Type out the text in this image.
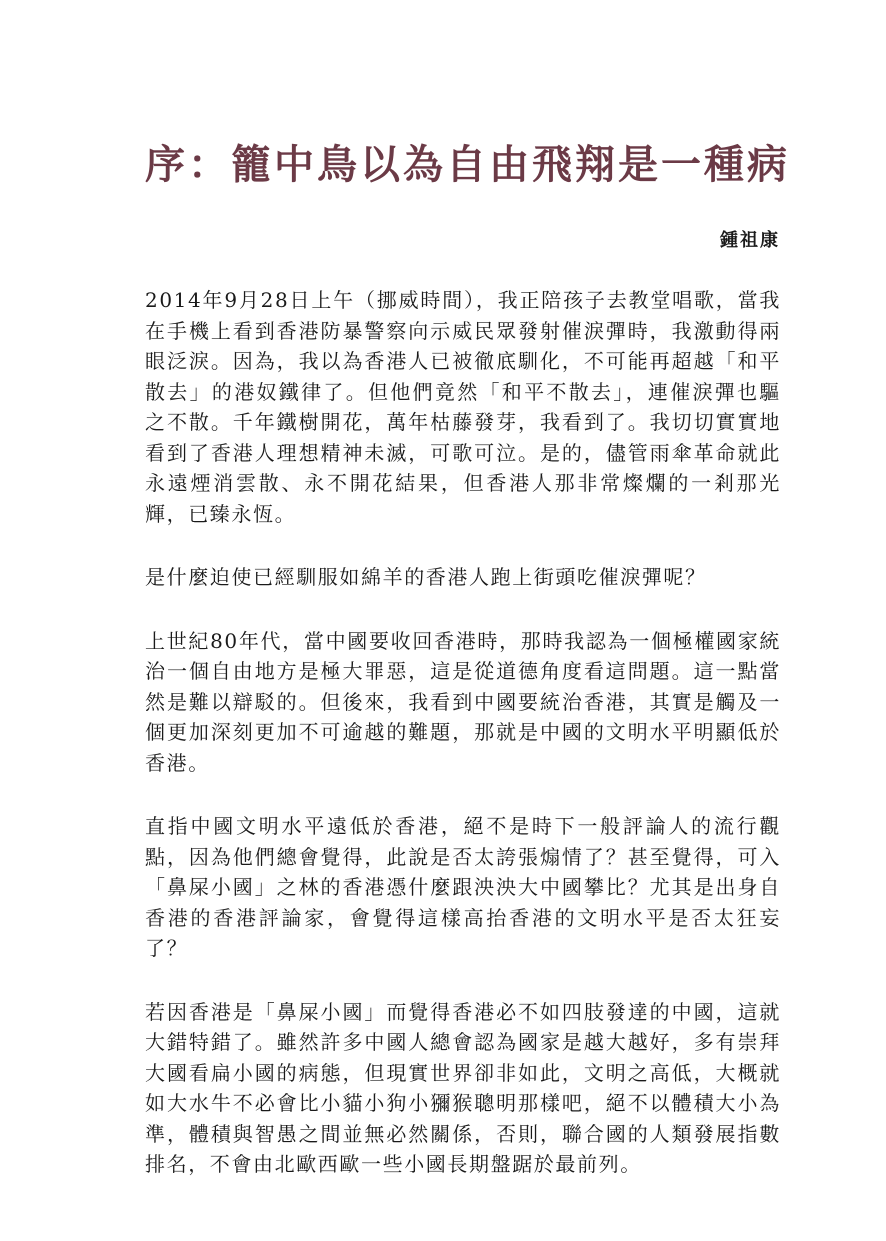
序：籠中鳥以為自由飛翔是一種病
鍾祖康

2014年9月28日上午（挪威時間），我正陪孩子去教堂唱歌，當我在手機上看到香港防暴警察向示威民眾發射催淚彈時，我激動得兩眼泛淚。因為，我以為香港人已被徹底馴化，不可能再超越「和平散去」的港奴鐵律了。但他們竟然「和平不散去」，連催淚彈也驅之不散。千年鐵樹開花，萬年枯藤發芽，我看到了。我切切實實地看到了香港人理想精神未滅，可歌可泣。是的，儘管雨傘革命就此永遠煙消雲散、永不開花結果，但香港人那非常燦爛的一剎那光輝，已臻永恆。

是什麼迫使已經馴服如綿羊的香港人跑上街頭吃催淚彈呢？

上世紀80年代，當中國要收回香港時，那時我認為一個極權國家統治一個自由地方是極大罪惡，這是從道德角度看這問題。這一點當然是難以辯駁的。但後來，我看到中國要統治香港，其實是觸及一個更加深刻更加不可逾越的難題，那就是中國的文明水平明顯低於香港。

直指中國文明水平遠低於香港，絕不是時下一般評論人的流行觀點，因為他們總會覺得，此說是否太誇張煽情了？甚至覺得，可入「鼻屎小國」之林的香港憑什麼跟泱泱大中國攀比？尤其是出身自香港的香港評論家，會覺得這樣高抬香港的文明水平是否太狂妄了？

若因香港是「鼻屎小國」而覺得香港必不如四肢發達的中國，這就大錯特錯了。雖然許多中國人總會認為國家是越大越好，多有崇拜大國看扁小國的病態，但現實世界卻非如此，文明之高低，大概就如大水牛不必會比小貓小狗小獼猴聰明那樣吧，絕不以體積大小為準，體積與智愚之間並無必然關係，否則，聯合國的人類發展指數排名，不會由北歐西歐一些小國長期盤踞於最前列。
